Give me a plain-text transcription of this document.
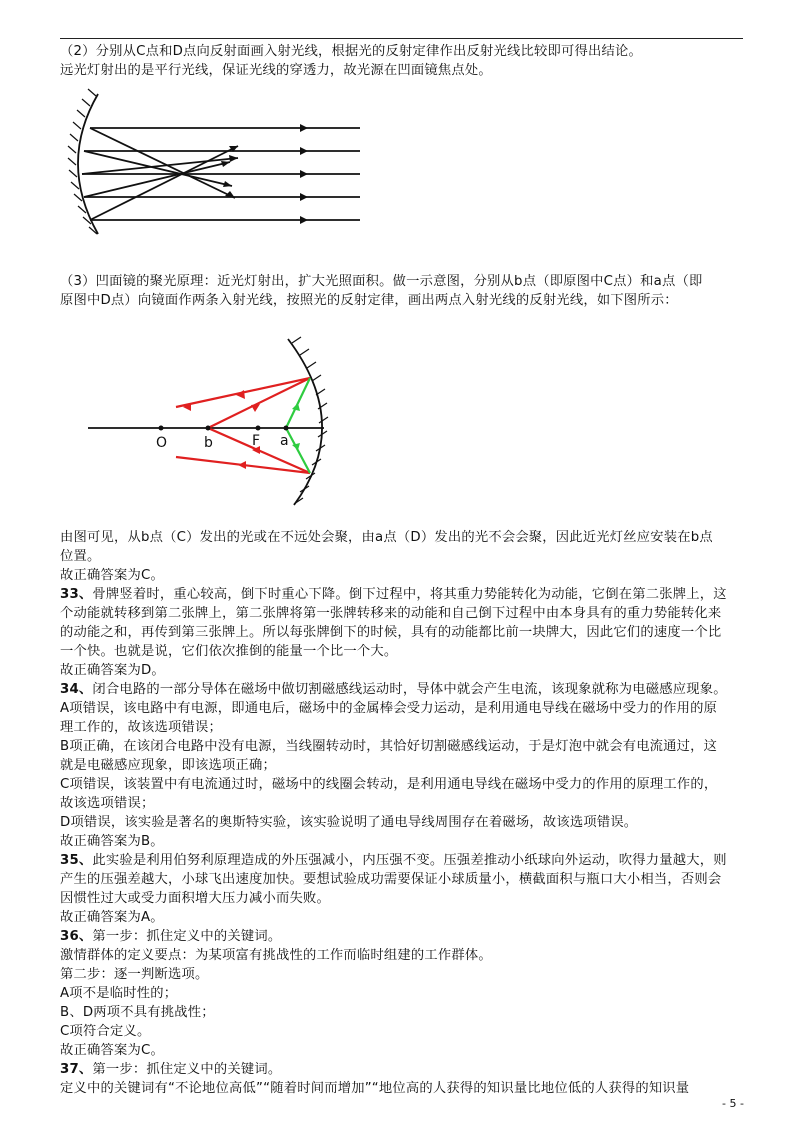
（2）分别从C点和D点向反射面画入射光线，根据光的反射定律作出反射光线比较即可得出结论。
远光灯射出的是平行光线，保证光线的穿透力，故光源在凹面镜焦点处。
（3）凹面镜的聚光原理：近光灯射出，扩大光照面积。做一示意图，分别从b点（即原图中C点）和a点（即
原图中D点）向镜面作两条入射光线，按照光的反射定律，画出两点入射光线的反射光线，如下图所示：
O	b	F a
由图可见，从b点（C）发出的光或在不远处会聚，由a点（D）发出的光不会会聚，因此近光灯丝应安装在b点
位置。
故正确答案为C。
33、骨牌竖着时，重心较高，倒下时重心下降。倒下过程中，将其重力势能转化为动能，它倒在第二张牌上，这
个动能就转移到第二张牌上，第二张牌将第一张牌转移来的动能和自己倒下过程中由本身具有的重力势能转化来
的动能之和，再传到第三张牌上。所以每张牌倒下的时候，具有的动能都比前一块牌大，因此它们的速度一个比
一个快。也就是说，它们依次推倒的能量一个比一个大。
故正确答案为D。
34、闭合电路的一部分导体在磁场中做切割磁感线运动时，导体中就会产生电流，该现象就称为电磁感应现象。
A项错误，该电路中有电源，即通电后，磁场中的金属棒会受力运动，是利用通电导线在磁场中受力的作用的原
理工作的，故该选项错误；
B项正确，在该闭合电路中没有电源，当线圈转动时，其恰好切割磁感线运动，于是灯泡中就会有电流通过，这
就是电磁感应现象，即该选项正确；
C项错误，该装置中有电流通过时，磁场中的线圈会转动，是利用通电导线在磁场中受力的作用的原理工作的，
故该选项错误；
D项错误，该实验是著名的奥斯特实验，该实验说明了通电导线周围存在着磁场，故该选项错误。
故正确答案为B。
35、此实验是利用伯努利原理造成的外压强减小，内压强不变。压强差推动小纸球向外运动，吹得力量越大，则
产生的压强差越大，小球飞出速度加快。要想试验成功需要保证小球质量小，横截面积与瓶口大小相当，否则会
因惯性过大或受力面积增大压力减小而失败。
故正确答案为A。
36、第一步：抓住定义中的关键词。
激情群体的定义要点：为某项富有挑战性的工作而临时组建的工作群体。
第二步：逐一判断选项。
A项不是临时性的；
B、D两项不具有挑战性；
C项符合定义。
故正确答案为C。
37、第一步：抓住定义中的关键词。
定义中的关键词有“不论地位高低”“随着时间而增加”“地位高的人获得的知识量比地位低的人获得的知识量
- 5 -
